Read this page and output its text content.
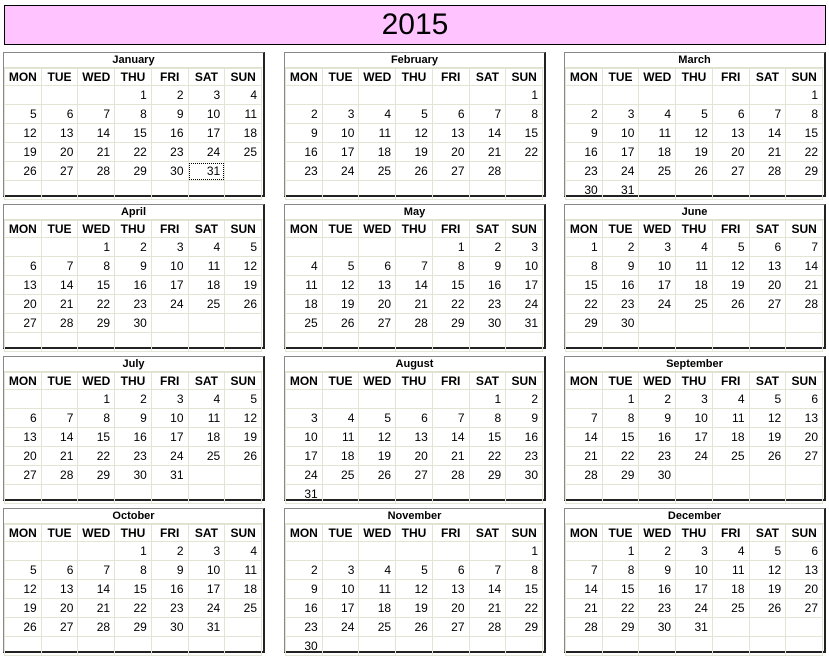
2015
January
MON	TUE	WED	THU	FRI	SAT	SUN
			1	2	3	4
5	6	7	8	9	10	11
12	13	14	15	16	17	18
19	20	21	22	23	24	25
26	27	28	29	30	31	

February
MON	TUE	WED	THU	FRI	SAT	SUN
						1
2	3	4	5	6	7	8
9	10	11	12	13	14	15
16	17	18	19	20	21	22
23	24	25	26	27	28	

March
MON	TUE	WED	THU	FRI	SAT	SUN
						1
2	3	4	5	6	7	8
9	10	11	12	13	14	15
16	17	18	19	20	21	22
23	24	25	26	27	28	29
30	31					
April
MON	TUE	WED	THU	FRI	SAT	SUN
		1	2	3	4	5
6	7	8	9	10	11	12
13	14	15	16	17	18	19
20	21	22	23	24	25	26
27	28	29	30			

May
MON	TUE	WED	THU	FRI	SAT	SUN
				1	2	3
4	5	6	7	8	9	10
11	12	13	14	15	16	17
18	19	20	21	22	23	24
25	26	27	28	29	30	31

June
MON	TUE	WED	THU	FRI	SAT	SUN
1	2	3	4	5	6	7
8	9	10	11	12	13	14
15	16	17	18	19	20	21
22	23	24	25	26	27	28
29	30					

July
MON	TUE	WED	THU	FRI	SAT	SUN
		1	2	3	4	5
6	7	8	9	10	11	12
13	14	15	16	17	18	19
20	21	22	23	24	25	26
27	28	29	30	31		

August
MON	TUE	WED	THU	FRI	SAT	SUN
					1	2
3	4	5	6	7	8	9
10	11	12	13	14	15	16
17	18	19	20	21	22	23
24	25	26	27	28	29	30
31						
September
MON	TUE	WED	THU	FRI	SAT	SUN
	1	2	3	4	5	6
7	8	9	10	11	12	13
14	15	16	17	18	19	20
21	22	23	24	25	26	27
28	29	30				

October
MON	TUE	WED	THU	FRI	SAT	SUN
			1	2	3	4
5	6	7	8	9	10	11
12	13	14	15	16	17	18
19	20	21	22	23	24	25
26	27	28	29	30	31	

November
MON	TUE	WED	THU	FRI	SAT	SUN
						1
2	3	4	5	6	7	8
9	10	11	12	13	14	15
16	17	18	19	20	21	22
23	24	25	26	27	28	29
30						
December
MON	TUE	WED	THU	FRI	SAT	SUN
	1	2	3	4	5	6
7	8	9	10	11	12	13
14	15	16	17	18	19	20
21	22	23	24	25	26	27
28	29	30	31			
